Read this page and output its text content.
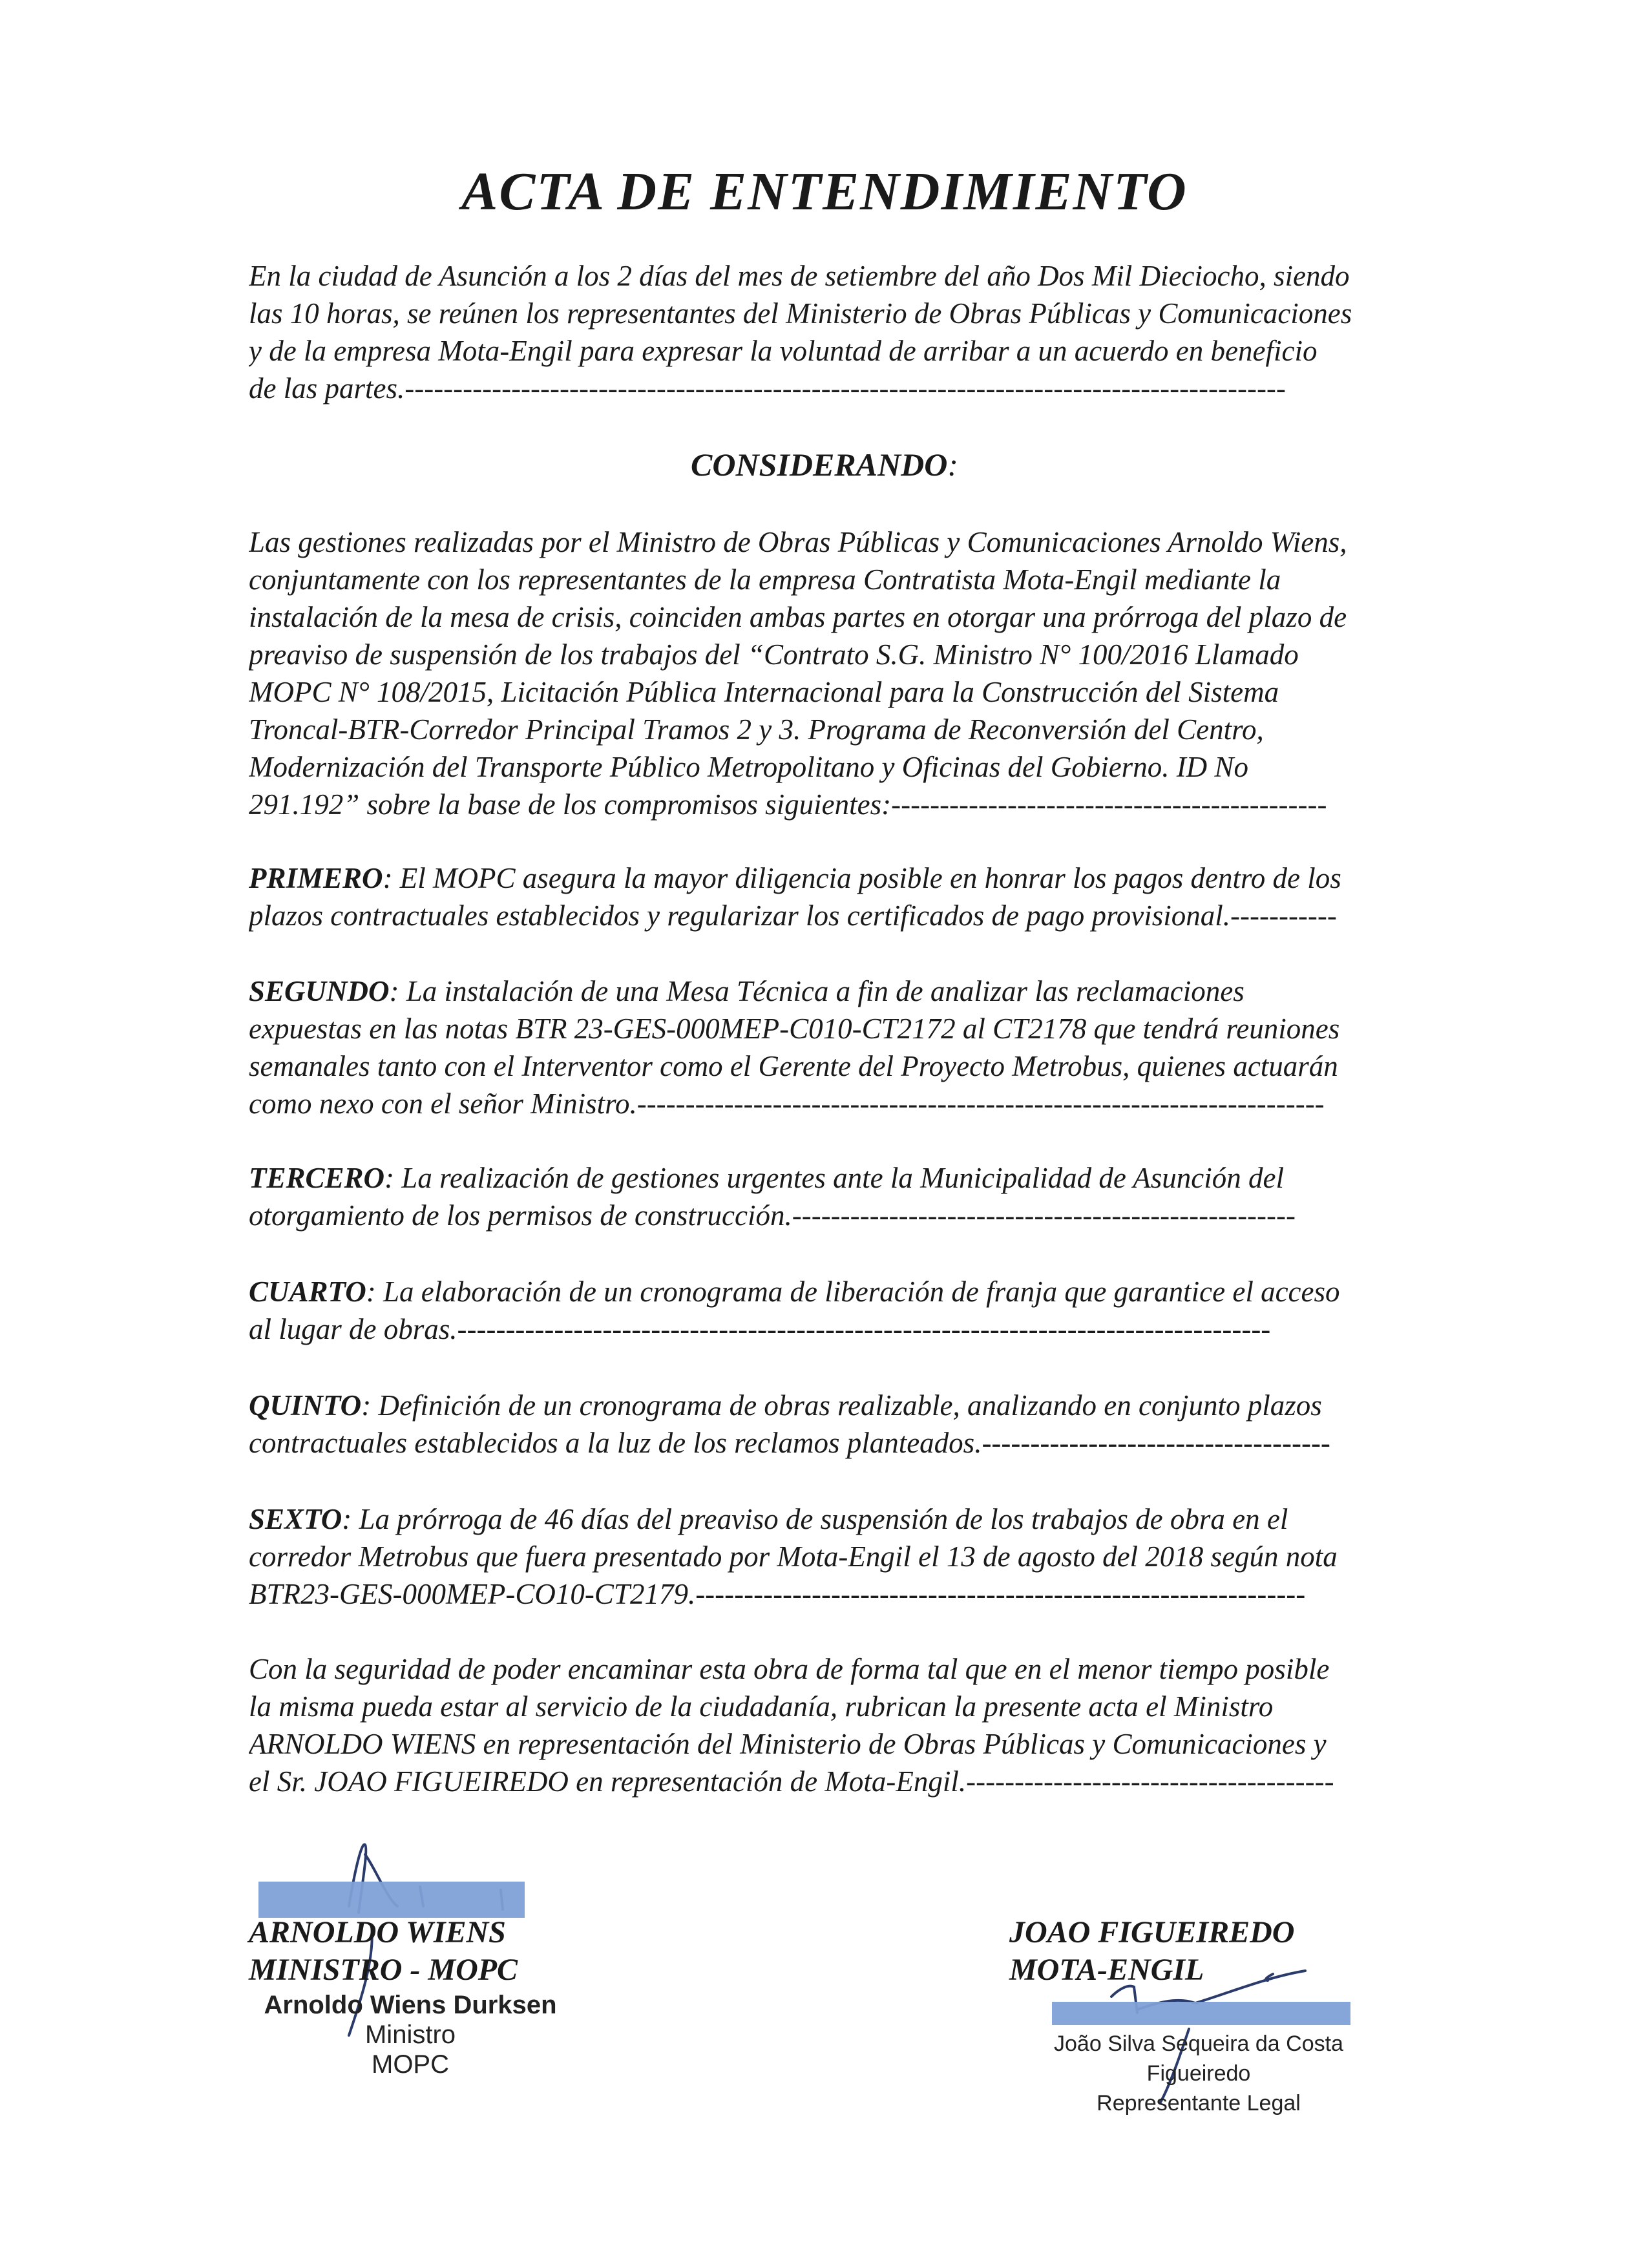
ACTA DE ENTENDIMIENTO
En la ciudad de Asunción a los 2 días del mes de setiembre del año Dos Mil Dieciocho, siendo
las 10 horas, se reúnen los representantes del Ministerio de Obras Públicas y Comunicaciones
y de la empresa Mota-Engil para expresar la voluntad de arribar a un acuerdo en beneficio
de las partes.-------------------------------------------------------------------------------------------
CONSIDERANDO:
Las gestiones realizadas por el Ministro de Obras Públicas y Comunicaciones Arnoldo Wiens,
conjuntamente con los representantes de la empresa Contratista Mota-Engil mediante la
instalación de la mesa de crisis, coinciden ambas partes en otorgar una prórroga del plazo de
preaviso de suspensión de los trabajos del “Contrato S.G. Ministro N° 100/2016 Llamado
MOPC N° 108/2015, Licitación Pública Internacional para la Construcción del Sistema
Troncal-BTR-Corredor Principal Tramos 2 y 3. Programa de Reconversión del Centro,
Modernización del Transporte Público Metropolitano y Oficinas del Gobierno. ID No
291.192” sobre la base de los compromisos siguientes:---------------------------------------------
PRIMERO: El MOPC asegura la mayor diligencia posible en honrar los pagos dentro de los
plazos contractuales establecidos y regularizar los certificados de pago provisional.-----------
SEGUNDO: La instalación de una Mesa Técnica a fin de analizar las reclamaciones
expuestas en las notas BTR 23-GES-000MEP-C010-CT2172 al CT2178 que tendrá reuniones
semanales tanto con el Interventor como el Gerente del Proyecto Metrobus, quienes actuarán
como nexo con el señor Ministro.-----------------------------------------------------------------------
TERCERO: La realización de gestiones urgentes ante la Municipalidad de Asunción del
otorgamiento de los permisos de construcción.----------------------------------------------------
CUARTO: La elaboración de un cronograma de liberación de franja que garantice el acceso
al lugar de obras.------------------------------------------------------------------------------------
QUINTO: Definición de un cronograma de obras realizable, analizando en conjunto plazos
contractuales establecidos a la luz de los reclamos planteados.------------------------------------
SEXTO: La prórroga de 46 días del preaviso de suspensión de los trabajos de obra en el
corredor Metrobus que fuera presentado por Mota-Engil el 13 de agosto del 2018 según nota
BTR23-GES-000MEP-CO10-CT2179.---------------------------------------------------------------
Con la seguridad de poder encaminar esta obra de forma tal que en el menor tiempo posible
la misma pueda estar al servicio de la ciudadanía, rubrican la presente acta el Ministro
ARNOLDO WIENS en representación del Ministerio de Obras Públicas y Comunicaciones y
el Sr. JOAO FIGUEIREDO en representación de Mota-Engil.--------------------------------------
ARNOLDO WIENS
MINISTRO - MOPC
Arnoldo Wiens Durksen
Ministro
MOPC
JOAO FIGUEIREDO
MOTA-ENGIL
João Silva Sequeira da Costa Figueiredo
Representante Legal
